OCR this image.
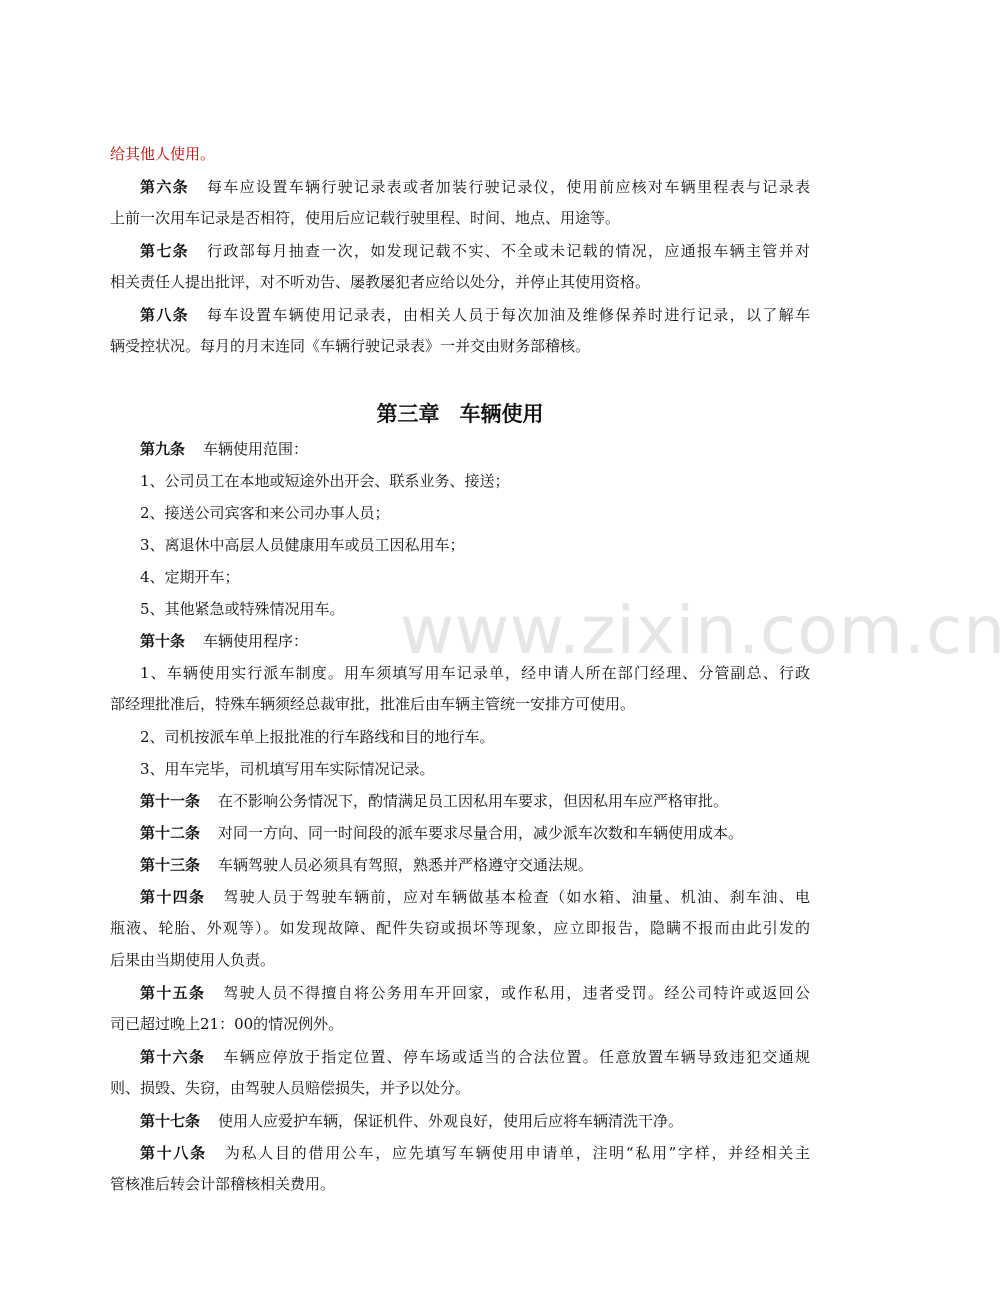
www.zixin.com.cn
给其他人使用。
第六条 每车应设置车辆行驶记录表或者加装行驶记录仪，使用前应核对车辆里程表与记录表
上前一次用车记录是否相符，使用后应记载行驶里程、时间、地点、用途等。
第七条 行政部每月抽查一次，如发现记载不实、不全或未记载的情况，应通报车辆主管并对
相关责任人提出批评，对不听劝告、屡教屡犯者应给以处分，并停止其使用资格。
第八条 每车设置车辆使用记录表，由相关人员于每次加油及维修保养时进行记录，以了解车
辆受控状况。每月的月末连同《车辆行驶记录表》一并交由财务部稽核。
第三章 车辆使用
第九条 车辆使用范围：
1、公司员工在本地或短途外出开会、联系业务、接送；
2、接送公司宾客和来公司办事人员；
3、离退休中高层人员健康用车或员工因私用车；
4、定期开车；
5、其他紧急或特殊情况用车。
第十条 车辆使用程序：
1、车辆使用实行派车制度。用车须填写用车记录单，经申请人所在部门经理、分管副总、行政
部经理批准后，特殊车辆须经总裁审批，批准后由车辆主管统一安排方可使用。
2、司机按派车单上报批准的行车路线和目的地行车。
3、用车完毕，司机填写用车实际情况记录。
第十一条 在不影响公务情况下，酌情满足员工因私用车要求，但因私用车应严格审批。
第十二条 对同一方向、同一时间段的派车要求尽量合用，减少派车次数和车辆使用成本。
第十三条 车辆驾驶人员必须具有驾照，熟悉并严格遵守交通法规。
第十四条 驾驶人员于驾驶车辆前，应对车辆做基本检查（如水箱、油量、机油、刹车油、电
瓶液、轮胎、外观等）。如发现故障、配件失窃或损坏等现象，应立即报告，隐瞒不报而由此引发的
后果由当期使用人负责。
第十五条 驾驶人员不得擅自将公务用车开回家，或作私用，违者受罚。经公司特许或返回公
司已超过晚上21：00的情况例外。
第十六条 车辆应停放于指定位置、停车场或适当的合法位置。任意放置车辆导致违犯交通规
则、损毁、失窃，由驾驶人员赔偿损失，并予以处分。
第十七条 使用人应爱护车辆，保证机件、外观良好，使用后应将车辆清洗干净。
第十八条 为私人目的借用公车，应先填写车辆使用申请单，注明“私用”字样，并经相关主
管核准后转会计部稽核相关费用。
